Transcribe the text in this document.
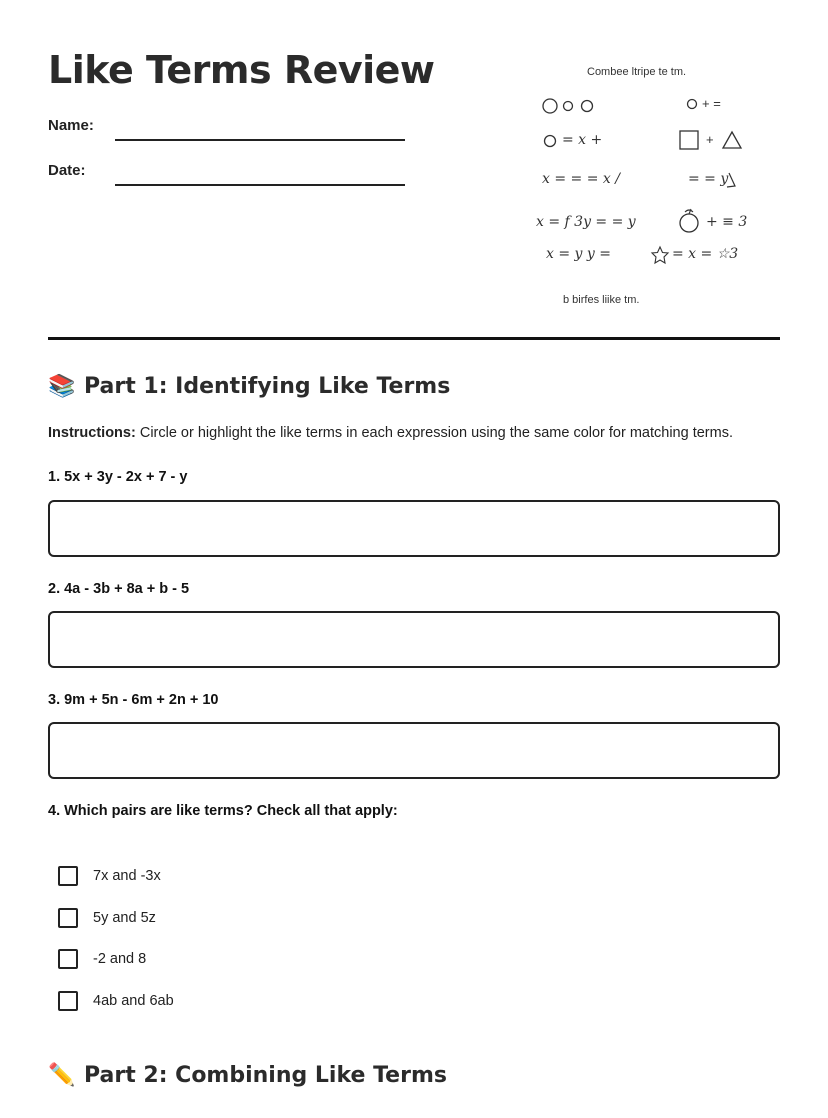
Like Terms Review
Name:
Date:
Combee ltripe te tm.
+ =
= x +	+
x = = = x /	= = y
x = f 3y = = y	+ ≡ 3
x = y y =	= x = ☆3
b birfes liike tm.
📚 Part 1: Identifying Like Terms
Instructions: Circle or highlight the like terms in each expression using the same color for matching terms.
1. 5x + 3y - 2x + 7 - y
2. 4a - 3b + 8a + b - 5
3. 9m + 5n - 6m + 2n + 10
4. Which pairs are like terms? Check all that apply:
7x and -3x
5y and 5z
-2 and 8
4ab and 6ab
✏️ Part 2: Combining Like Terms
